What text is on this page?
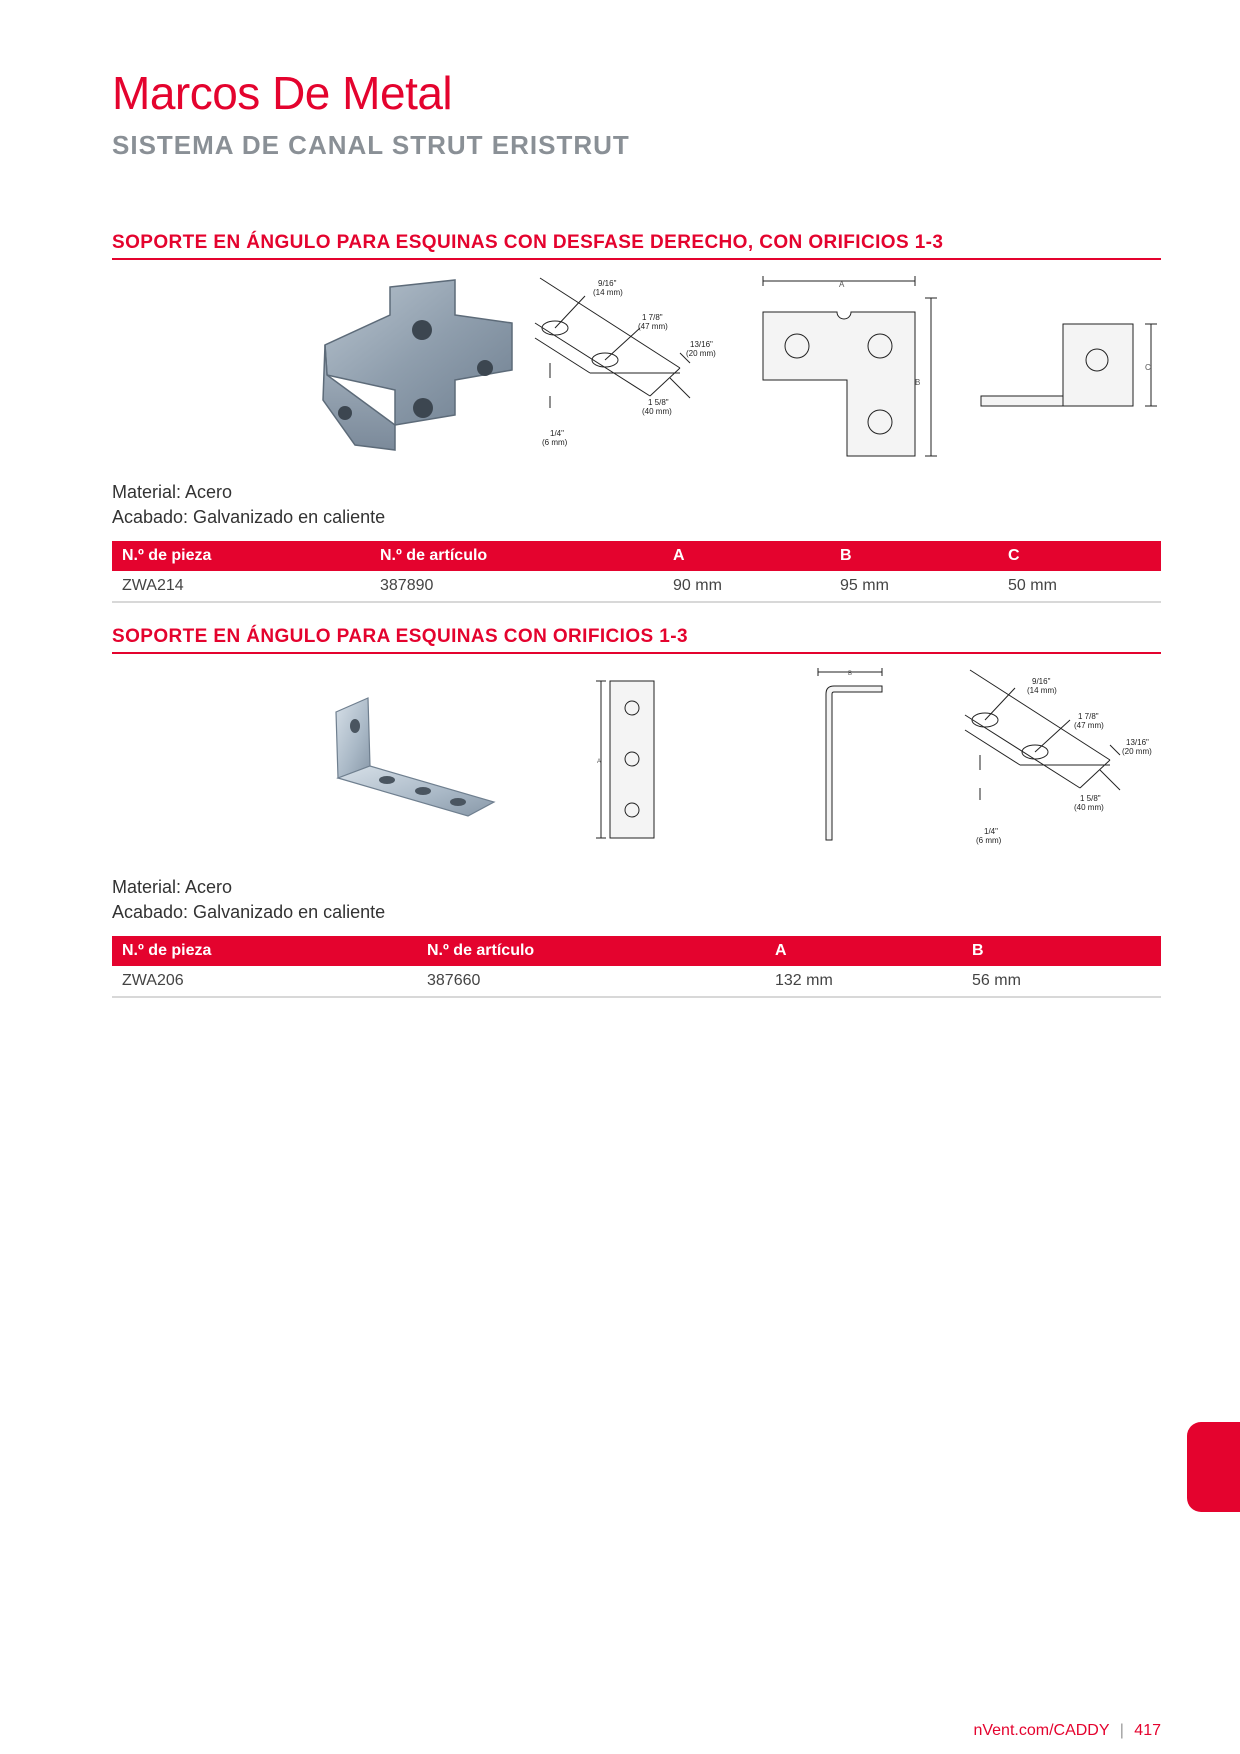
Marcos De Metal
SISTEMA DE CANAL STRUT ERISTRUT
SOPORTE EN ÁNGULO PARA ESQUINAS CON DESFASE DERECHO, CON ORIFICIOS 1-3
9/16"
(14 mm)
1 7/8"
(47 mm)
13/16"
(20 mm)
1 5/8"
(40 mm)
1/4"
(6 mm)
A
B
C
Material: Acero
Acabado: Galvanizado en caliente
N.º de pieza	N.º de artículo	A	B	C
ZWA214	387890	90 mm	95 mm	50 mm
SOPORTE EN ÁNGULO PARA ESQUINAS CON ORIFICIOS 1-3
A
B
9/16"
(14 mm)
1 7/8"
(47 mm)
13/16"
(20 mm)
1 5/8"
(40 mm)
1/4"
(6 mm)
Material: Acero
Acabado: Galvanizado en caliente
N.º de pieza	N.º de artículo	A	B
ZWA206	387660	132 mm	56 mm
nVent.com/CADDY | 417
